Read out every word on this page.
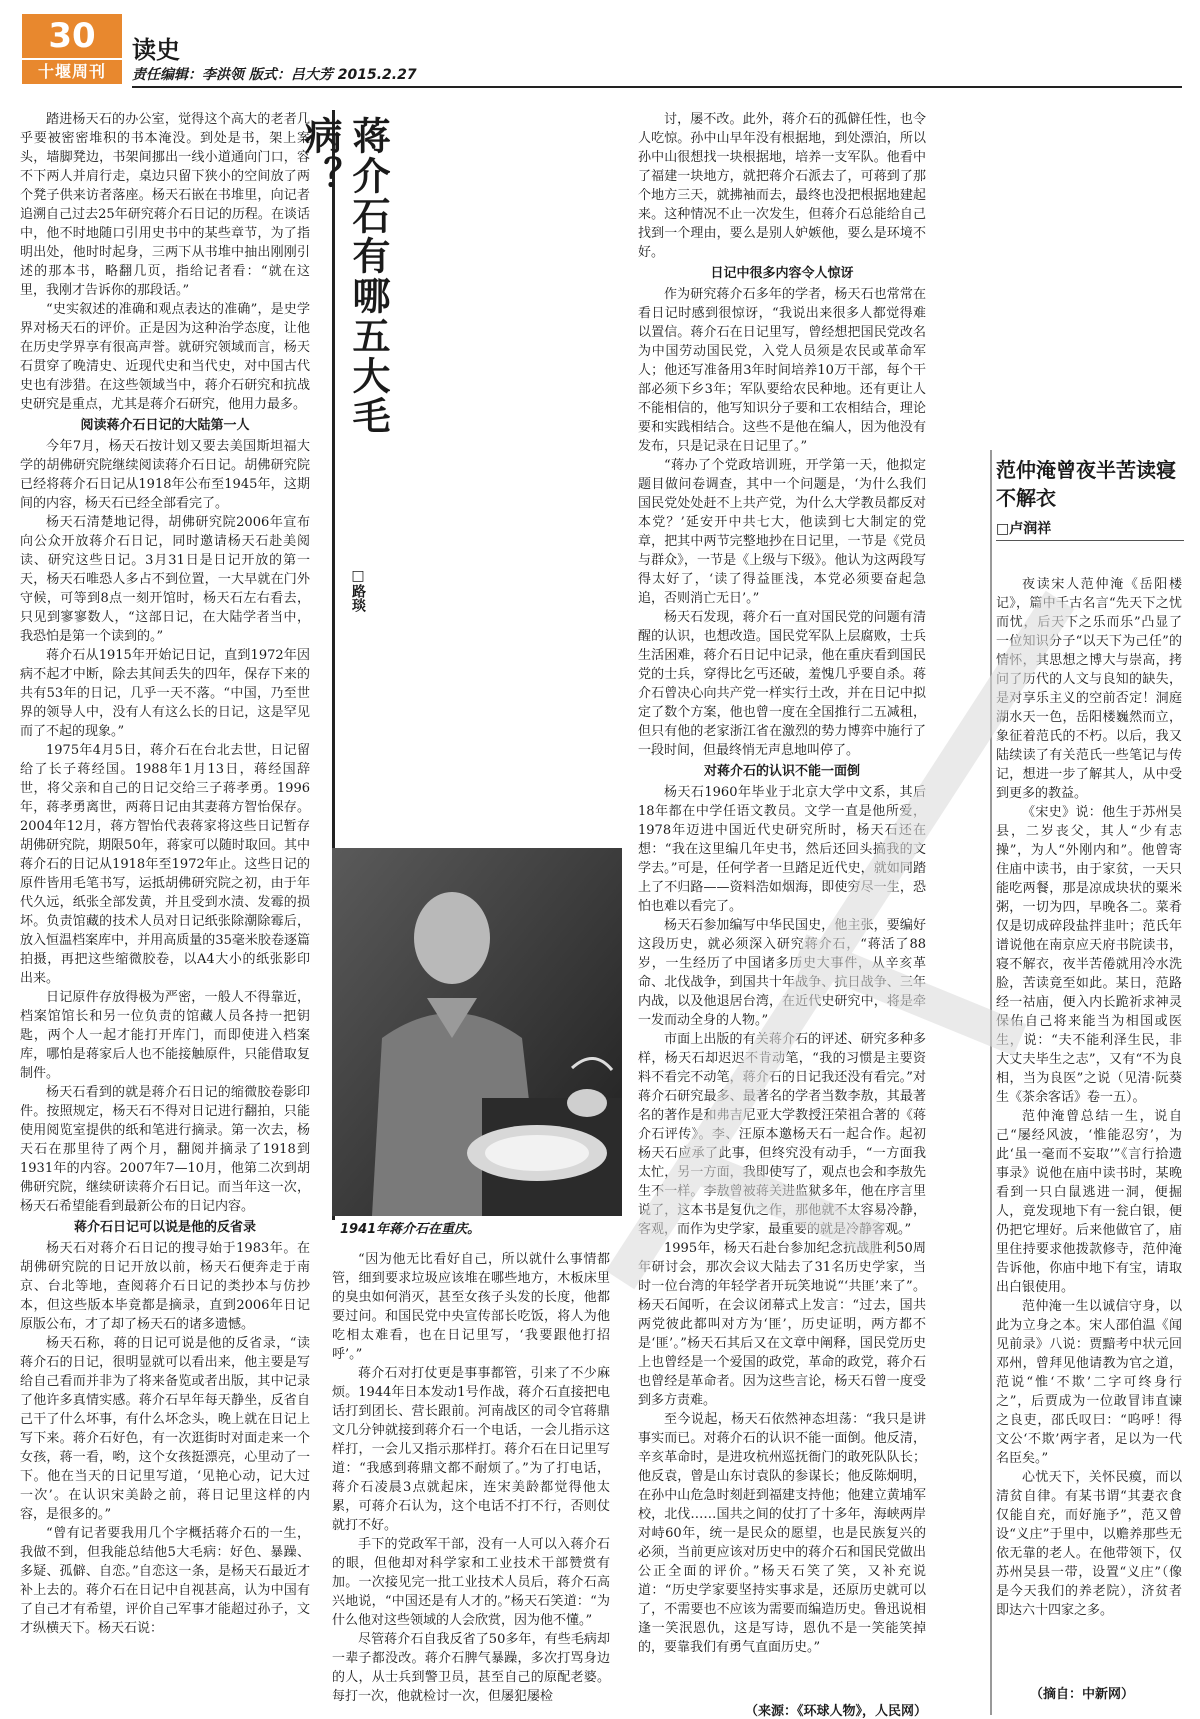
30
十堰周刊
读史
责任编辑：李洪领 版式：吕大芳 2015.2.27

踏进杨天石的办公室，觉得这个高大的老者几乎要被密密堆积的书本淹没。到处是书，架上案头，墙脚凳边，书架间挪出一线小道通向门口，容不下两人并肩行走，桌边只留下狭小的空间放了两个凳子供来访者落座。杨天石嵌在书堆里，向记者追溯自己过去25年研究蒋介石日记的历程。在谈话中，他不时地随口引用史书中的某些章节，为了指明出处，他时时起身，三两下从书堆中抽出刚刚引述的那本书，略翻几页，指给记者看：“就在这里，我刚才告诉你的那段话。”

“史实叙述的准确和观点表达的准确”，是史学界对杨天石的评价。正是因为这种治学态度，让他在历史学界享有很高声誉。就研究领域而言，杨天石贯穿了晚清史、近现代史和当代史，对中国古代史也有涉猎。在这些领域当中，蒋介石研究和抗战史研究是重点，尤其是蒋介石研究，他用力最多。

阅读蒋介石日记的大陆第一人

今年7月，杨天石按计划又要去美国斯坦福大学的胡佛研究院继续阅读蒋介石日记。胡佛研究院已经将蒋介石日记从1918年公布至1945年，这期间的内容，杨天石已经全部看完了。

杨天石清楚地记得，胡佛研究院2006年宣布向公众开放蒋介石日记，同时邀请杨天石赴美阅读、研究这些日记。3月31日是日记开放的第一天，杨天石唯恐人多占不到位置，一大早就在门外守候，可等到8点一刻开馆时，杨天石左右看去，只见到寥寥数人，“这部日记，在大陆学者当中，我恐怕是第一个读到的。”

蒋介石从1915年开始记日记，直到1972年因病不起才中断，除去其间丢失的四年，保存下来的共有53年的日记，几乎一天不落。“中国，乃至世界的领导人中，没有人有这么长的日记，这是罕见而了不起的现象。”

1975年4月5日，蒋介石在台北去世，日记留给了长子蒋经国。1988年1月13日，蒋经国辞世，将父亲和自己的日记交给三子蒋孝勇。1996年，蒋孝勇离世，两蒋日记由其妻蒋方智怡保存。2004年12月，蒋方智怡代表蒋家将这些日记暂存胡佛研究院，期限50年，蒋家可以随时取回。其中蒋介石的日记从1918年至1972年止。这些日记的原件皆用毛笔书写，运抵胡佛研究院之初，由于年代久远，纸张全部发黄，并且受到水渍、发霉的损坏。负责馆藏的技术人员对日记纸张除潮除霉后，放入恒温档案库中，并用高质量的35毫米胶卷逐篇拍摄，再把这些缩微胶卷，以A4大小的纸张影印出来。

日记原件存放得极为严密，一般人不得靠近，档案馆馆长和另一位负责的馆藏人员各持一把钥匙，两个人一起才能打开库门，而即使进入档案库，哪怕是蒋家后人也不能接触原件，只能借取复制件。

杨天石看到的就是蒋介石日记的缩微胶卷影印件。按照规定，杨天石不得对日记进行翻拍，只能使用阅览室提供的纸和笔进行摘录。第一次去，杨天石在那里待了两个月，翻阅并摘录了1918到1931年的内容。2007年7—10月，他第二次到胡佛研究院，继续研读蒋介石日记。而当年这一次，杨天石希望能看到最新公布的日记内容。

蒋介石日记可以说是他的反省录

杨天石对蒋介石日记的搜寻始于1983年。在胡佛研究院的日记开放以前，杨天石便奔走于南京、台北等地，查阅蒋介石日记的类抄本与仿抄本，但这些版本毕竟都是摘录，直到2006年日记原版公布，才了却了杨天石的诸多遗憾。

杨天石称，蒋的日记可说是他的反省录，“读蒋介石的日记，很明显就可以看出来，他主要是写给自己看而并非为了将来备览或者出版，其中记录了他许多真情实感。蒋介石早年每天静坐，反省自己干了什么坏事，有什么坏念头，晚上就在日记上写下来。蒋介石好色，有一次逛街时对面走来一个女孩，蒋一看，哟，这个女孩挺漂亮，心里动了一下。他在当天的日记里写道，‘见艳心动，记大过一次’。在认识宋美龄之前，蒋日记里这样的内容，是很多的。”

“曾有记者要我用几个字概括蒋介石的一生，我做不到，但我能总结他5大毛病：好色、暴躁、多疑、孤僻、自恋。”自恋这一条，是杨天石最近才补上去的。蒋介石在日记中自视甚高，认为中国有了自己才有希望，评价自己军事才能超过孙子，文才纵横天下。杨天石说：

蒋介石有哪五大毛病？
□路琰
1941年蒋介石在重庆。

“因为他无比看好自己，所以就什么事情都管，细到要求垃圾应该堆在哪些地方，木板床里的臭虫如何消灭，甚至女孩子头发的长度，他都要过问。和国民党中央宣传部长吃饭，将人为他吃相太难看，也在日记里写，‘我要跟他打招呼’。”

蒋介石对打仗更是事事都管，引来了不少麻烦。1944年日本发动1号作战，蒋介石直接把电话打到团长、营长跟前。河南战区的司令官蒋鼎文几分钟就接到蒋介石一个电话，一会儿指示这样打，一会儿又指示那样打。蒋介石在日记里写道：“我感到蒋鼎文都不耐烦了。”为了打电话，蒋介石凌晨3点就起床，连宋美龄都觉得他太累，可蒋介石认为，这个电话不打不行，否则仗就打不好。

手下的党政军干部，没有一人可以入蒋介石的眼，但他却对科学家和工业技术干部赞赏有加。一次接见完一批工业技术人员后，蒋介石高兴地说，“中国还是有人才的。”杨天石笑道：“为什么他对这些领域的人会欣赏，因为他不懂。”

尽管蒋介石自我反省了50多年，有些毛病却一辈子都没改。蒋介石脾气暴躁，多次打骂身边的人，从士兵到警卫员，甚至自己的原配老婆。每打一次，他就检讨一次，但屡犯屡检

讨，屡不改。此外，蒋介石的孤僻任性，也令人吃惊。孙中山早年没有根据地，到处漂泊，所以孙中山很想找一块根据地，培养一支军队。他看中了福建一块地方，就把蒋介石派去了，可蒋到了那个地方三天，就拂袖而去，最终也没把根据地建起来。这种情况不止一次发生，但蒋介石总能给自己找到一个理由，要么是别人妒嫉他，要么是环境不好。

日记中很多内容令人惊讶

作为研究蒋介石多年的学者，杨天石也常常在看日记时感到很惊讶，“我说出来很多人都觉得难以置信。蒋介石在日记里写，曾经想把国民党改名为中国劳动国民党，入党人员须是农民或革命军人；他还写准备用3年时间培养10万干部，每个干部必须下乡3年；军队要给农民种地。还有更让人不能相信的，他写知识分子要和工农相结合，理论要和实践相结合。这些不是他在编人，因为他没有发布，只是记录在日记里了。”

“蒋办了个党政培训班，开学第一天，他拟定题目做问卷调查，其中一个问题是，‘为什么我们国民党处处赶不上共产党，为什么大学教员都反对本党？’延安开中共七大，他读到七大制定的党章，把其中两节完整地抄在日记里，一节是《党员与群众》，一节是《上级与下级》。他认为这两段写得太好了，‘读了得益匪浅，本党必须要奋起急追，否则消亡无日’。”

杨天石发现，蒋介石一直对国民党的问题有清醒的认识，也想改造。国民党军队上层腐败，士兵生活困难，蒋介石日记中记录，他在重庆看到国民党的士兵，穿得比乞丐还破，羞愧几乎要自杀。蒋介石曾决心向共产党一样实行土改，并在日记中拟定了数个方案，他也曾一度在全国推行二五减租，但只有他的老家浙江省在激烈的势力博弈中施行了一段时间，但最终悄无声息地叫停了。

对蒋介石的认识不能一面倒

杨天石1960年毕业于北京大学中文系，其后18年都在中学任语文教员。文学一直是他所爱，1978年迈进中国近代史研究所时，杨天石还在想：“我在这里编几年史书，然后还回头搞我的文学去。”可是，任何学者一旦踏足近代史，就如同踏上了不归路——资料浩如烟海，即使穷尽一生，恐怕也难以看完了。

杨天石参加编写中华民国史，他主张，要编好这段历史，就必须深入研究蒋介石，“蒋活了88岁，一生经历了中国诸多历史大事件，从辛亥革命、北伐战争，到国共十年战争、抗日战争、三年内战，以及他退居台湾，在近代史研究中，将是牵一发而动全身的人物。”

市面上出版的有关蒋介石的评述、研究多种多样，杨天石却迟迟不肯动笔，“我的习惯是主要资料不看完不动笔，蒋介石的日记我还没有看完。”对蒋介石研究最多、最著名的学者当数李敖，其最著名的著作是和弗吉尼亚大学教授汪荣祖合著的《蒋介石评传》。李、汪原本邀杨天石一起合作。起初杨天石应承了此事，但终究没有动手，“一方面我太忙，另一方面，我即使写了，观点也会和李敖先生不一样。李敖曾被蒋关进监狱多年，他在序言里说了，这本书是复仇之作，那他就不太容易冷静，客观，而作为史学家，最重要的就是冷静客观。”

1995年，杨天石赴台参加纪念抗战胜利50周年研讨会，那次会议大陆去了31名历史学家，当时一位台湾的年轻学者开玩笑地说“‘共匪’来了”。杨天石闻听，在会议闭幕式上发言：“过去，国共两党彼此都叫对方为‘匪’，历史证明，两方都不是‘匪’。”杨天石其后又在文章中阐释，国民党历史上也曾经是一个爱国的政党，革命的政党，蒋介石也曾经是革命者。因为这些言论，杨天石曾一度受到多方责难。

至今说起，杨天石依然神态坦荡：“我只是讲事实而已。对蒋介石的认识不能一面倒。他反清，辛亥革命时，是进攻杭州巡抚衙门的敢死队队长；他反袁，曾是山东讨袁队的参谋长；他反陈炯明，在孙中山危急时刻赶到福建支持他；他建立黄埔军校，北伐……国共之间的仗打了十多年，海峡两岸对峙60年，统一是民众的愿望，也是民族复兴的必须，当前更应该对历史中的蒋介石和国民党做出公正全面的评价。”杨天石笑了笑，又补充说道：“历史学家要坚持实事求是，还原历史就可以了，不需要也不应该为需要而编造历史。鲁迅说相逢一笑泯恩仇，这是写诗，恩仇不是一笑能笑掉的，要靠我们有勇气直面历史。”

（来源：《环球人物》，人民网）
范仲淹曾夜半苦读寝不解衣
□卢润祥

夜读宋人范仲淹《岳阳楼记》，篇中千古名言“先天下之忧而忧，后天下之乐而乐”凸显了一位知识分子“以天下为己任”的情怀，其思想之博大与崇高，拷问了历代的人文与良知的缺失，是对享乐主义的空前否定！洞庭湖水天一色，岳阳楼巍然而立，象征着范氏的不朽。以后，我又陆续读了有关范氏一些笔记与传记，想进一步了解其人，从中受到更多的教益。

《宋史》说：他生于苏州吴县，二岁丧父，其人“少有志操”，为人“外刚内和”。他曾寄住庙中读书，由于家贫，一天只能吃两餐，那是凉成块状的粟米粥，一切为四，早晚各二。菜肴仅是切成碎段盐拌韭叶；范氏年谱说他在南京应天府书院读书，寝不解衣，夜半苦倦就用冷水洗脸，苦读竟至如此。某日，范路经一祜庙，便入内长跪祈求神灵保佑自己将来能当为相国或医生，说：“夫不能利泽生民，非大丈夫毕生之志”，又有“不为良相，当为良医”之说（见清·阮葵生《茶余客话》卷一五）。

范仲淹曾总结一生，说自己“屡经风波，‘惟能忍穷’，为此‘虽一毫而不妄取’”《言行拾遗事录》说他在庙中读书时，某晚看到一只白鼠逃进一洞，便掘人，竟发现地下有一瓮白银，便仍把它埋好。后来他做官了，庙里住持要求他拨款修寺，范仲淹告诉他，你庙中地下有宝，请取出白银使用。

范仲淹一生以诚信守身，以此为立身之本。宋人邵伯温《闻见前录》八说：贾黯考中状元回邓州，曾拜见他请教为官之道，范说“惟‘不欺’二字可终身行之”，后贾成为一位敢冒讳直谏之良吏，邵氏叹曰：“呜呼！得文公‘不欺’两字者，足以为一代名臣矣。”

心忧天下，关怀民瘼，而以清贫自律。有某书谓“其妻衣食仅能自充，而好施予”，范又曾设“义庄”于里中，以赡养那些无依无靠的老人。在他带领下，仅苏州吴县一带，设置“义庄”（像是今天我们的养老院），济贫者即达六十四家之多。

（摘自：中新网）
